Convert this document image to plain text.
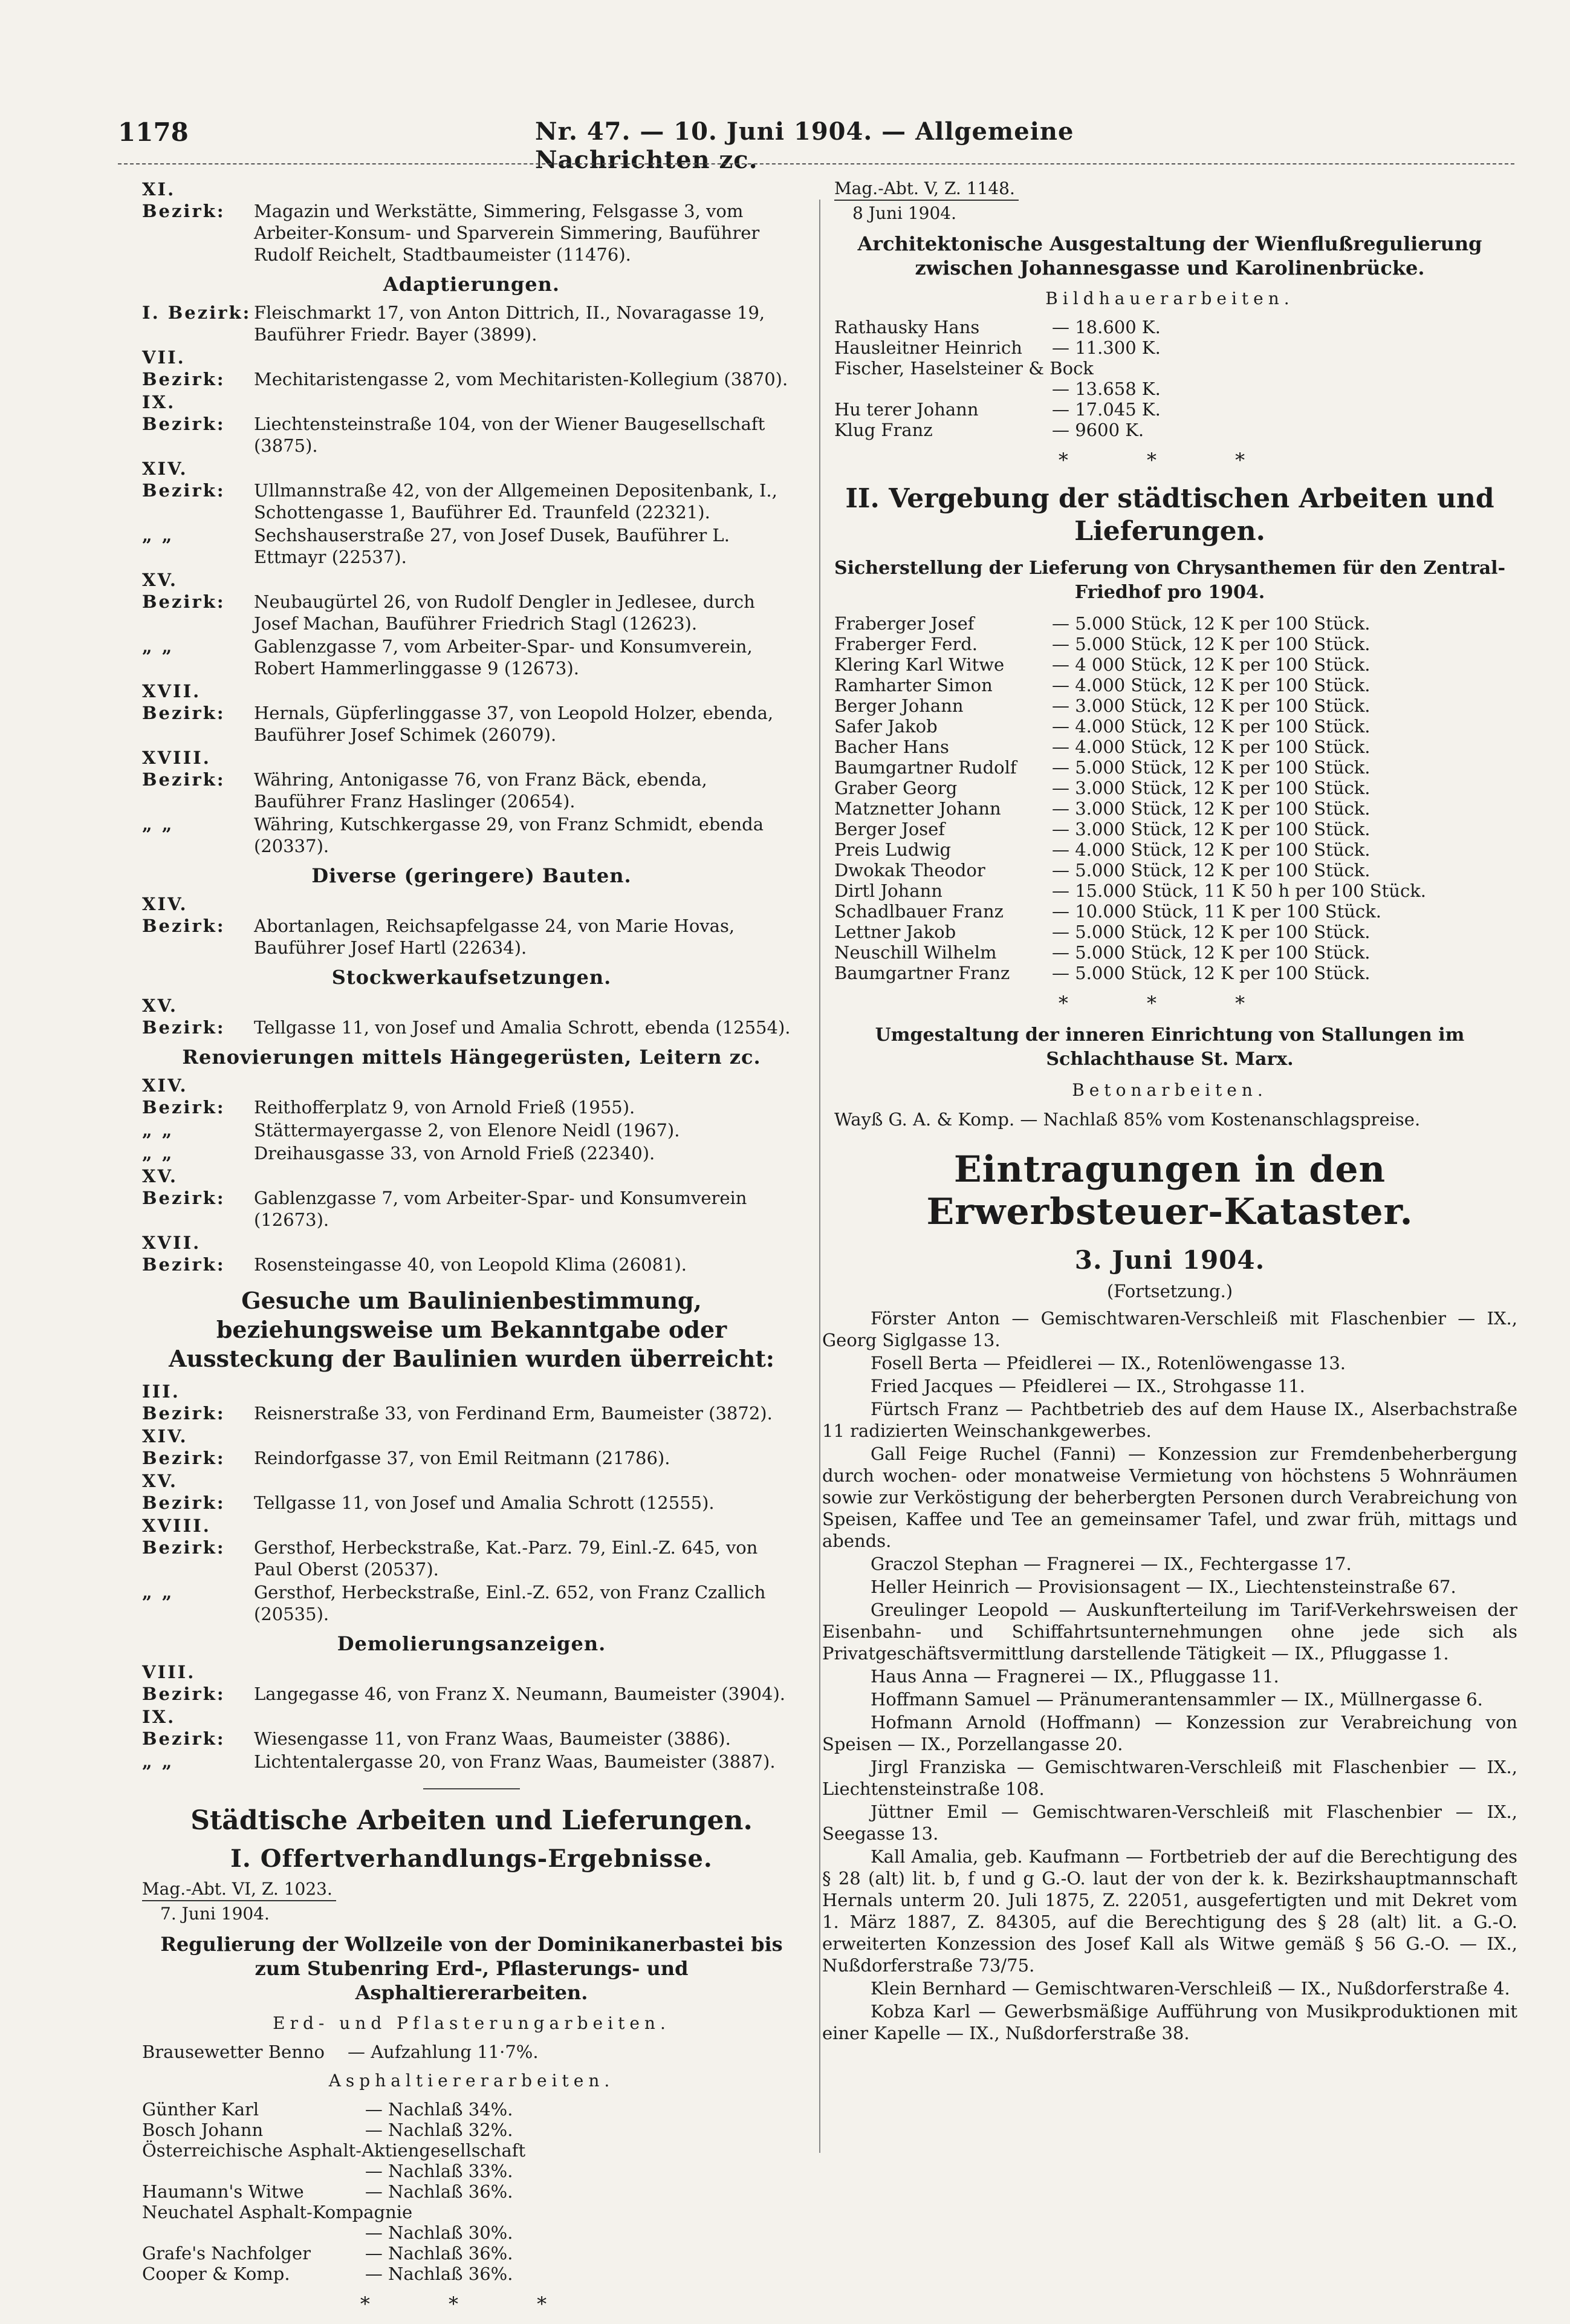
1178	Nr. 47. — 10. Juni 1904. — Allgemeine Nachrichten zc.
XI. Bezirk: Magazin und Werkstätte, Simmering, Felsgasse 3, vom Arbeiter-Konsum- und Sparverein Simmering, Bauführer Rudolf Reichelt, Stadtbaumeister (11476).
Adaptierungen.
I. Bezirk: Fleischmarkt 17, von Anton Dittrich, II., Novaragasse 19, Bauführer Friedr. Bayer (3899).
VII. Bezirk: Mechitaristengasse 2, vom Mechitaristen-Kollegium (3870).
IX. Bezirk: Liechtensteinstraße 104, von der Wiener Baugesellschaft (3875).
XIV. Bezirk: Ullmannstraße 42, von der Allgemeinen Depositenbank, I., Schottengasse 1, Bauführer Ed. Traunfeld (22321).
„ „	Sechshauserstraße 27, von Josef Dusek, Bauführer L. Ettmayr (22537).
XV. Bezirk: Neubaugürtel 26, von Rudolf Dengler in Jedlesee, durch Josef Machan, Bauführer Friedrich Stagl (12623).
„ „	Gablenzgasse 7, vom Arbeiter-Spar- und Konsumverein, Robert Hammerlinggasse 9 (12673).
XVII. Bezirk: Hernals, Güpferlinggasse 37, von Leopold Holzer, ebenda, Bauführer Josef Schimek (26079).
XVIII. Bezirk: Währing, Antonigasse 76, von Franz Bäck, ebenda, Bauführer Franz Haslinger (20654).
„ „	Währing, Kutschkergasse 29, von Franz Schmidt, ebenda (20337).
Diverse (geringere) Bauten.
XIV. Bezirk: Abortanlagen, Reichsapfelgasse 24, von Marie Hovas, Bauführer Josef Hartl (22634).
Stockwerkaufsetzungen.
XV. Bezirk: Tellgasse 11, von Josef und Amalia Schrott, ebenda (12554).
Renovierungen mittels Hängegerüsten, Leitern zc.
XIV. Bezirk: Reithofferplatz 9, von Arnold Frieß (1955).
„ „	Stättermayergasse 2, von Elenore Neidl (1967).
„ „	Dreihausgasse 33, von Arnold Frieß (22340).
XV. Bezirk: Gablenzgasse 7, vom Arbeiter-Spar- und Konsumverein (12673).
XVII. Bezirk: Rosensteingasse 40, von Leopold Klima (26081).
Gesuche um Baulinienbestimmung, beziehungsweise um Bekanntgabe oder Aussteckung der Baulinien wurden überreicht:
III. Bezirk: Reisnerstraße 33, von Ferdinand Erm, Baumeister (3872).
XIV. Bezirk: Reindorfgasse 37, von Emil Reitmann (21786).
XV. Bezirk: Tellgasse 11, von Josef und Amalia Schrott (12555).
XVIII. Bezirk: Gersthof, Herbeckstraße, Kat.-Parz. 79, Einl.-Z. 645, von Paul Oberst (20537).
„ „	Gersthof, Herbeckstraße, Einl.-Z. 652, von Franz Czallich (20535).
Demolierungsanzeigen.
VIII. Bezirk: Langegasse 46, von Franz X. Neumann, Baumeister (3904).
IX. Bezirk: Wiesengasse 11, von Franz Waas, Baumeister (3886).
„ „	Lichtentalergasse 20, von Franz Waas, Baumeister (3887).
Städtische Arbeiten und Lieferungen.
I. Offertverhandlungs-Ergebnisse.
Mag.-Abt. VI, Z. 1023.
7. Juni 1904.
Regulierung der Wollzeile von der Dominikanerbastei bis zum Stubenring Erd-, Pflasterungs- und Asphaltiererarbeiten.
Erd- und Pflasterungarbeiten.
Brausewetter Benno	— Aufzahlung 11·7%.
Asphaltiererarbeiten.
Günther Karl	— Nachlaß 34%.
Bosch Johann	— Nachlaß 32%.
Österreichische Asphalt-Aktiengesellschaft	
	— Nachlaß 33%.
Haumann's Witwe	— Nachlaß 36%.
Neuchatel Asphalt-Kompagnie	
	— Nachlaß 30%.
Grafe's Nachfolger	— Nachlaß 36%.
Cooper & Komp.	— Nachlaß 36%.
* * *
Mag.-Abt. V, Z. 1148.
8 Juni 1904.
Architektonische Ausgestaltung der Wienflußregulierung zwischen Johannesgasse und Karolinenbrücke.
Bildhauerarbeiten.
Rathausky Hans	— 18.600 K.
Hausleitner Heinrich	— 11.300 K.
Fischer, Haselsteiner & Bock	
	— 13.658 K.
Hu terer Johann	— 17.045 K.
Klug Franz	— 9600 K.
* * *
II. Vergebung der städtischen Arbeiten und Lieferungen.
Sicherstellung der Lieferung von Chrysanthemen für den Zentral-Friedhof pro 1904.
Fraberger Josef	— 5.000 Stück, 12 K per 100 Stück.
Fraberger Ferd.	— 5.000 Stück, 12 K per 100 Stück.
Klering Karl Witwe	— 4 000 Stück, 12 K per 100 Stück.
Ramharter Simon	— 4.000 Stück, 12 K per 100 Stück.
Berger Johann	— 3.000 Stück, 12 K per 100 Stück.
Safer Jakob	— 4.000 Stück, 12 K per 100 Stück.
Bacher Hans	— 4.000 Stück, 12 K per 100 Stück.
Baumgartner Rudolf	— 5.000 Stück, 12 K per 100 Stück.
Graber Georg	— 3.000 Stück, 12 K per 100 Stück.
Matznetter Johann	— 3.000 Stück, 12 K per 100 Stück.
Berger Josef	— 3.000 Stück, 12 K per 100 Stück.
Preis Ludwig	— 4.000 Stück, 12 K per 100 Stück.
Dwokak Theodor	— 5.000 Stück, 12 K per 100 Stück.
Dirtl Johann	— 15.000 Stück, 11 K 50 h per 100 Stück.
Schadlbauer Franz	— 10.000 Stück, 11 K per 100 Stück.
Lettner Jakob	— 5.000 Stück, 12 K per 100 Stück.
Neuschill Wilhelm	— 5.000 Stück, 12 K per 100 Stück.
Baumgartner Franz	— 5.000 Stück, 12 K per 100 Stück.
* * *
Umgestaltung der inneren Einrichtung von Stallungen im Schlachthause St. Marx.
Betonarbeiten.
Wayß G. A. & Komp. — Nachlaß 85% vom Kostenanschlagspreise.
Eintragungen in den Erwerbsteuer-Kataster.
3. Juni 1904.
(Fortsetzung.)

Förster Anton — Gemischtwaren-Verschleiß mit Flaschenbier — IX., Georg Siglgasse 13.

Fosell Berta — Pfeidlerei — IX., Rotenlöwengasse 13.

Fried Jacques — Pfeidlerei — IX., Strohgasse 11.

Fürtsch Franz — Pachtbetrieb des auf dem Hause IX., Alserbachstraße 11 radizierten Weinschankgewerbes.

Gall Feige Ruchel (Fanni) — Konzession zur Fremdenbeherbergung durch wochen- oder monatweise Vermietung von höchstens 5 Wohnräumen sowie zur Verköstigung der beherbergten Personen durch Verabreichung von Speisen, Kaffee und Tee an gemeinsamer Tafel, und zwar früh, mittags und abends.

Graczol Stephan — Fragnerei — IX., Fechtergasse 17.

Heller Heinrich — Provisionsagent — IX., Liechtensteinstraße 67.

Greulinger Leopold — Auskunfterteilung im Tarif-Verkehrsweisen der Eisenbahn- und Schiffahrtsunternehmungen ohne jede sich als Privatgeschäftsvermittlung darstellende Tätigkeit — IX., Pfluggasse 1.

Haus Anna — Fragnerei — IX., Pfluggasse 11.

Hoffmann Samuel — Pränumerantensammler — IX., Müllnergasse 6.

Hofmann Arnold (Hoffmann) — Konzession zur Verabreichung von Speisen — IX., Porzellangasse 20.

Jirgl Franziska — Gemischtwaren-Verschleiß mit Flaschenbier — IX., Liechtensteinstraße 108.

Jüttner Emil — Gemischtwaren-Verschleiß mit Flaschenbier — IX., Seegasse 13.

Kall Amalia, geb. Kaufmann — Fortbetrieb der auf die Berechtigung des § 28 (alt) lit. b, f und g G.-O. laut der von der k. k. Bezirkshauptmannschaft Hernals unterm 20. Juli 1875, Z. 22051, ausgefertigten und mit Dekret vom 1. März 1887, Z. 84305, auf die Berechtigung des § 28 (alt) lit. a G.-O. erweiterten Konzession des Josef Kall als Witwe gemäß § 56 G.-O. — IX., Nußdorferstraße 73/75.

Klein Bernhard — Gemischtwaren-Verschleiß — IX., Nußdorferstraße 4.

Kobza Karl — Gewerbsmäßige Aufführung von Musikproduktionen mit einer Kapelle — IX., Nußdorferstraße 38.
